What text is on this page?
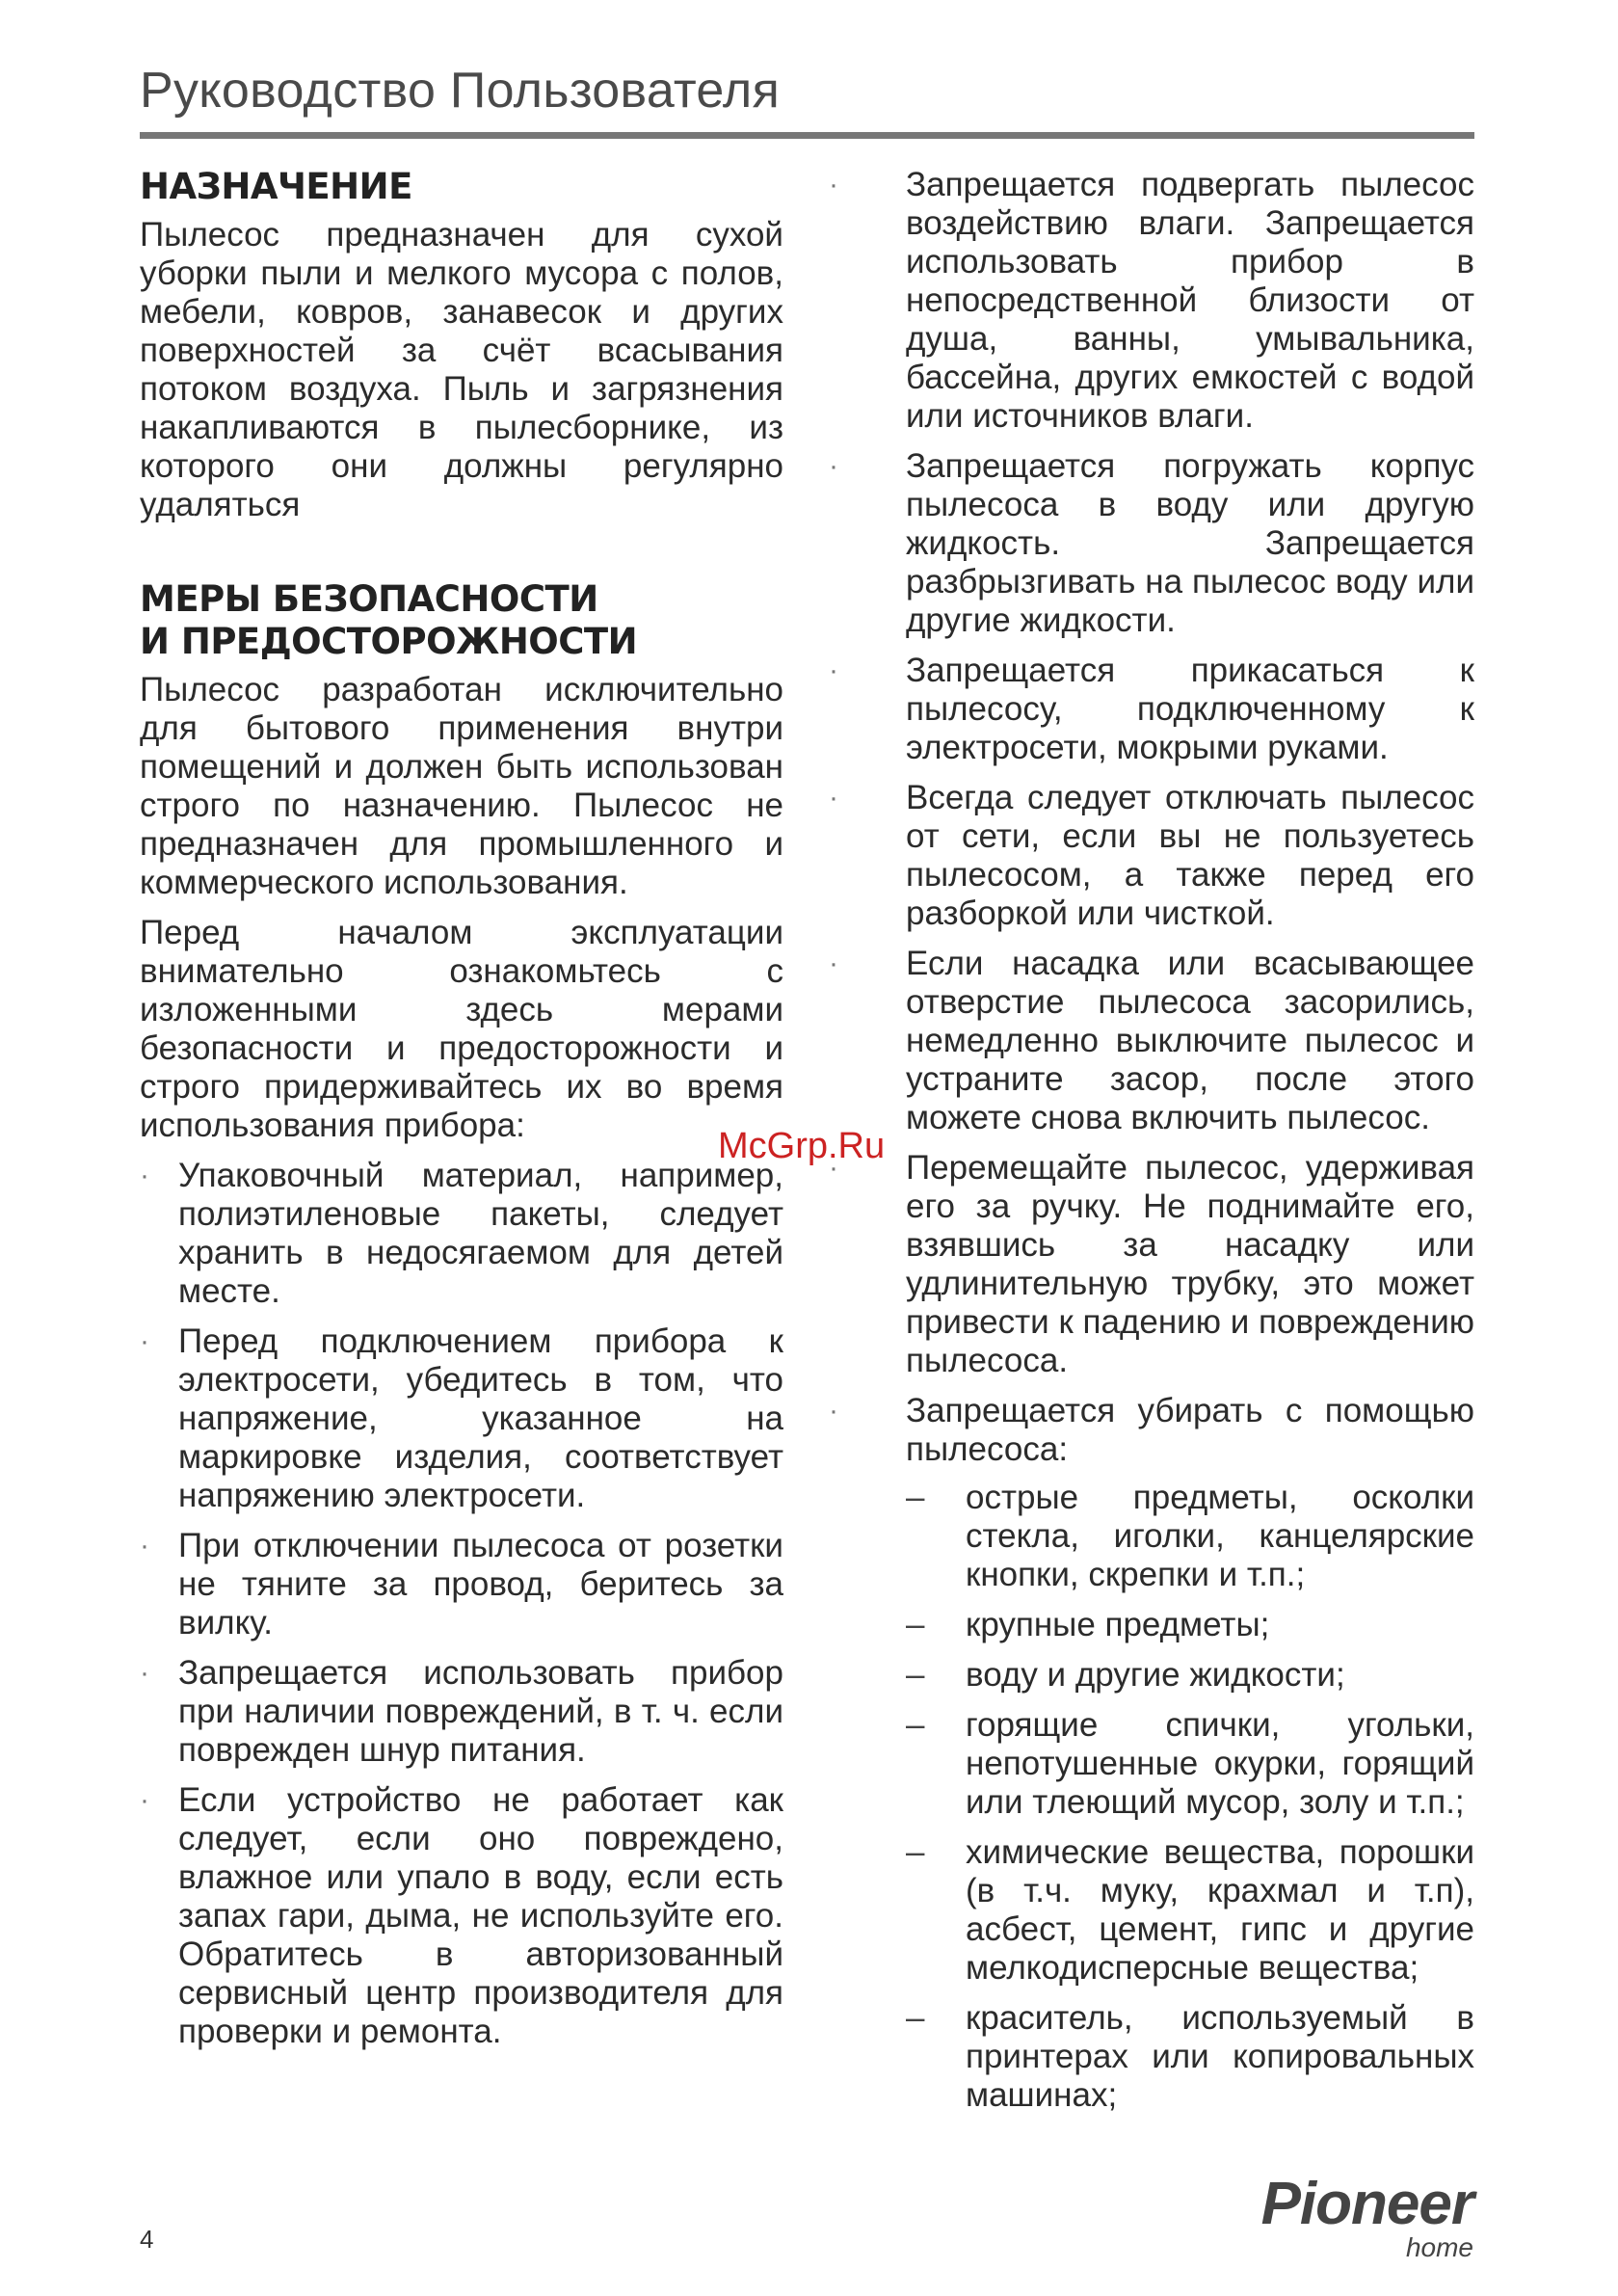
Руководство Пользователя
НАЗНАЧЕНИЕ

Пылесос предназначен для сухой уборки пыли и мелкого мусора с полов, мебели, ковров, занавесок и других поверхностей за счёт всасывания потоком воздуха. Пыль и загрязнения накапливаются в пылесборнике, из которого они должны регулярно удаляться

МЕРЫ БЕЗОПАСНОСТИ
И ПРЕДОСТОРОЖНОСТИ

Пылесос разработан исключительно для бытового применения внутри помещений и должен быть использован строго по назначению. Пылесос не предназначен для промышленного и коммерческого использования.

Перед началом эксплуатации внимательно ознакомьтесь с изложенными здесь мерами безопасности и предосторожности и строго придерживайтесь их во время использования прибора:

· Упаковочный материал, например, полиэтиленовые пакеты, следует хранить в недосягаемом для детей месте.
· Перед подключением прибора к электросети, убедитесь в том, что напряжение, указанное на маркировке изделия, соответствует напряжению электросети.
· При отключении пылесоса от розетки не тяните за провод, беритесь за вилку.
· Запрещается использовать прибор при наличии повреждений, в т. ч. если поврежден шнур питания.
· Если устройство не работает как следует, если оно повреждено, влажное или упало в воду, если есть запах гари, дыма, не используйте его. Обратитесь в авторизованный сервисный центр производителя для проверки и ремонта.
· Запрещается подвергать пылесос воздействию влаги. Запрещается использовать прибор в непосредственной близости от душа, ванны, умывальника, бассейна, других емкостей с водой или источников влаги.
· Запрещается погружать корпус пылесоса в воду или другую жидкость. Запрещается разбрызгивать на пылесос воду или другие жидкости.
· Запрещается прикасаться к пылесосу, подключенному к электросети, мокрыми руками.
· Всегда следует отключать пылесос от сети, если вы не пользуетесь пылесосом, а также перед его разборкой или чисткой.
· Если насадка или всасывающее отверстие пылесоса засорились, немедленно выключите пылесос и устраните засор, после этого можете снова включить пылесос.
· Перемещайте пылесос, удерживая его за ручку. Не поднимайте его, взявшись за насадку или удлинительную трубку, это может привести к падению и повреждению пылесоса.
· Запрещается убирать с помощью пылесоса:
– острые предметы, осколки стекла, иголки, канцелярские кнопки, скрепки и т.п.;
– крупные предметы;
– воду и другие жидкости;
– горящие спички, угольки, непотушенные окурки, горящий или тлеющий мусор, золу и т.п.;
– химические вещества, порошки (в т.ч. муку, крахмал и т.п), асбест, цемент, гипс и другие мелкодисперсные вещества;
– краситель, используемый в принтерах или копировальных машинах;
McGrp.Ru
4
Pioneer
home
